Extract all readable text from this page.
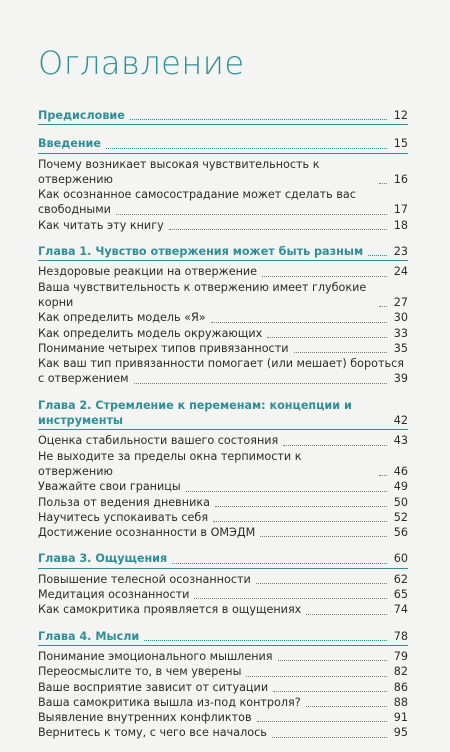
Оглавление
Предисловие	12
Введение	15
Почему возникает высокая чувствительность к отвержению	16
Как осознанное самосострадание может сделать вас
свободными	17
Как читать эту книгу	18
Глава 1. Чувство отвержения может быть разным	23
Нездоровые реакции на отвержение	24
Ваша чувствительность к отвержению имеет глубокие корни	27
Как определить модель «Я»	30
Как определить модель окружающих	33
Понимание четырех типов привязанности	35
Как ваш тип привязанности помогает (или мешает) бороться
с отвержением	39
Глава 2. Стремление к переменам: концепции и инструменты	42
Оценка стабильности вашего состояния	43
Не выходите за пределы окна терпимости к отвержению	46
Уважайте свои границы	49
Польза от ведения дневника	50
Научитесь успокаивать себя	52
Достижение осознанности в ОМЭДМ	56
Глава 3. Ощущения	60
Повышение телесной осознанности	62
Медитация осознанности	65
Как самокритика проявляется в ощущениях	74
Глава 4. Мысли	78
Понимание эмоционального мышления	79
Переосмыслите то, в чем уверены	82
Ваше восприятие зависит от ситуации	86
Ваша самокритика вышла из-под контроля?	88
Выявление внутренних конфликтов	91
Вернитесь к тому, с чего все началось	95
